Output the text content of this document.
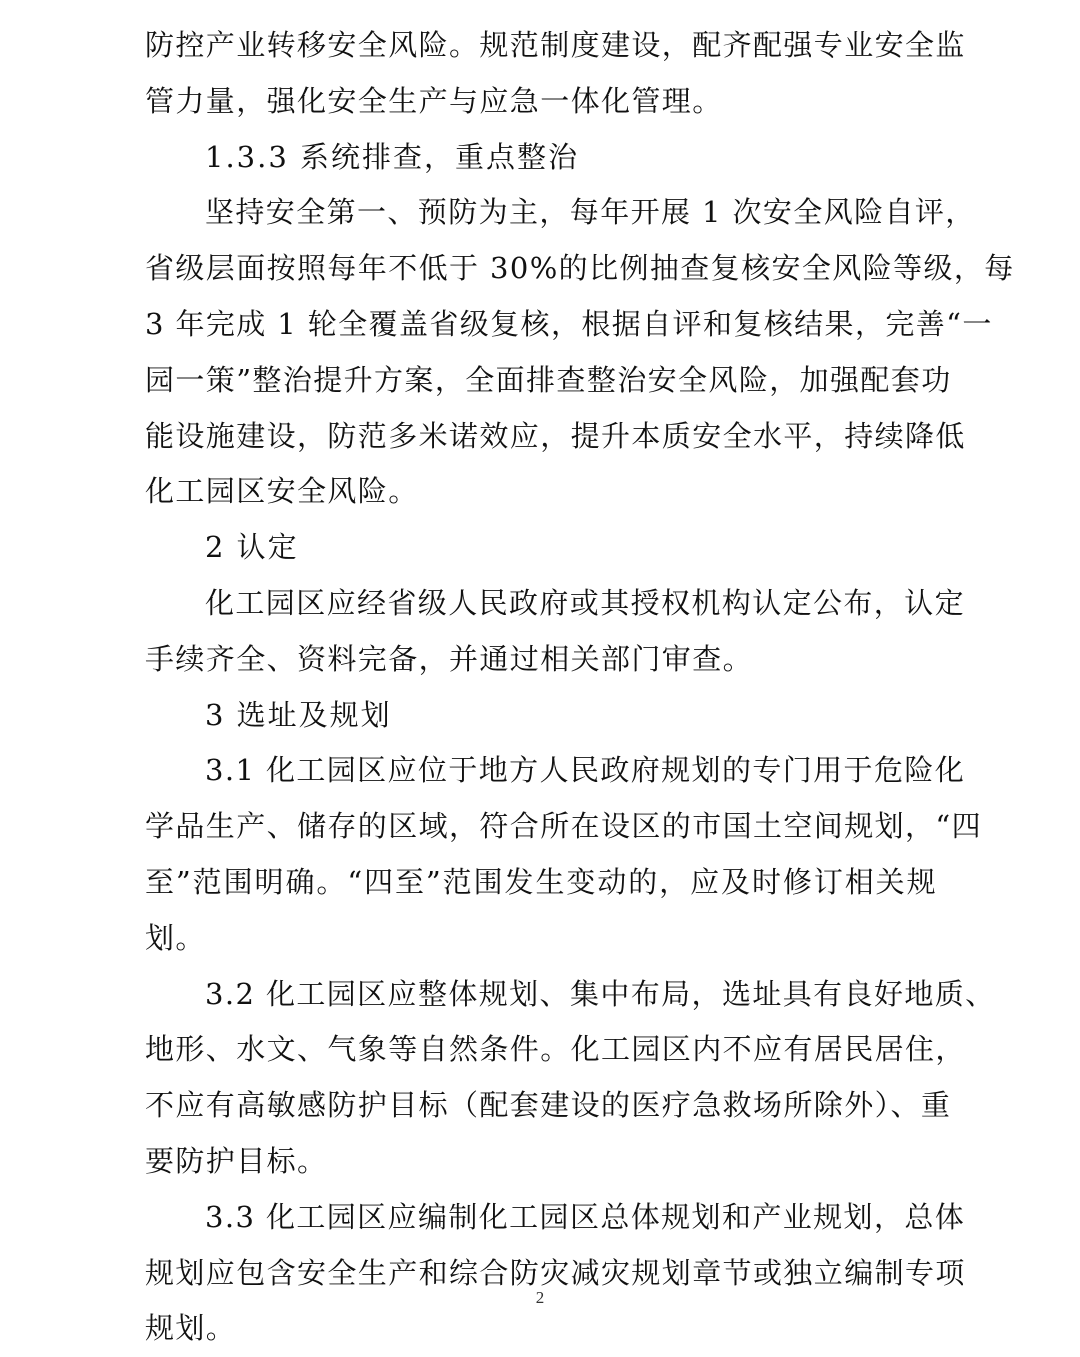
防控产业转移安全风险。规范制度建设，配齐配强专业安全监
管力量，强化安全生产与应急一体化管理。
1.3.3 系统排查，重点整治
坚持安全第一、预防为主，每年开展 1 次安全风险自评，
省级层面按照每年不低于 30%的比例抽查复核安全风险等级，每
3 年完成 1 轮全覆盖省级复核，根据自评和复核结果，完善“一
园一策”整治提升方案，全面排查整治安全风险，加强配套功
能设施建设，防范多米诺效应，提升本质安全水平，持续降低
化工园区安全风险。
2 认定
化工园区应经省级人民政府或其授权机构认定公布，认定
手续齐全、资料完备，并通过相关部门审查。
3 选址及规划
3.1 化工园区应位于地方人民政府规划的专门用于危险化
学品生产、储存的区域，符合所在设区的市国土空间规划，“四
至”范围明确。“四至”范围发生变动的，应及时修订相关规
划。
3.2 化工园区应整体规划、集中布局，选址具有良好地质、
地形、水文、气象等自然条件。化工园区内不应有居民居住，
不应有高敏感防护目标（配套建设的医疗急救场所除外）、重
要防护目标。
3.3 化工园区应编制化工园区总体规划和产业规划，总体
规划应包含安全生产和综合防灾减灾规划章节或独立编制专项
规划。
2
